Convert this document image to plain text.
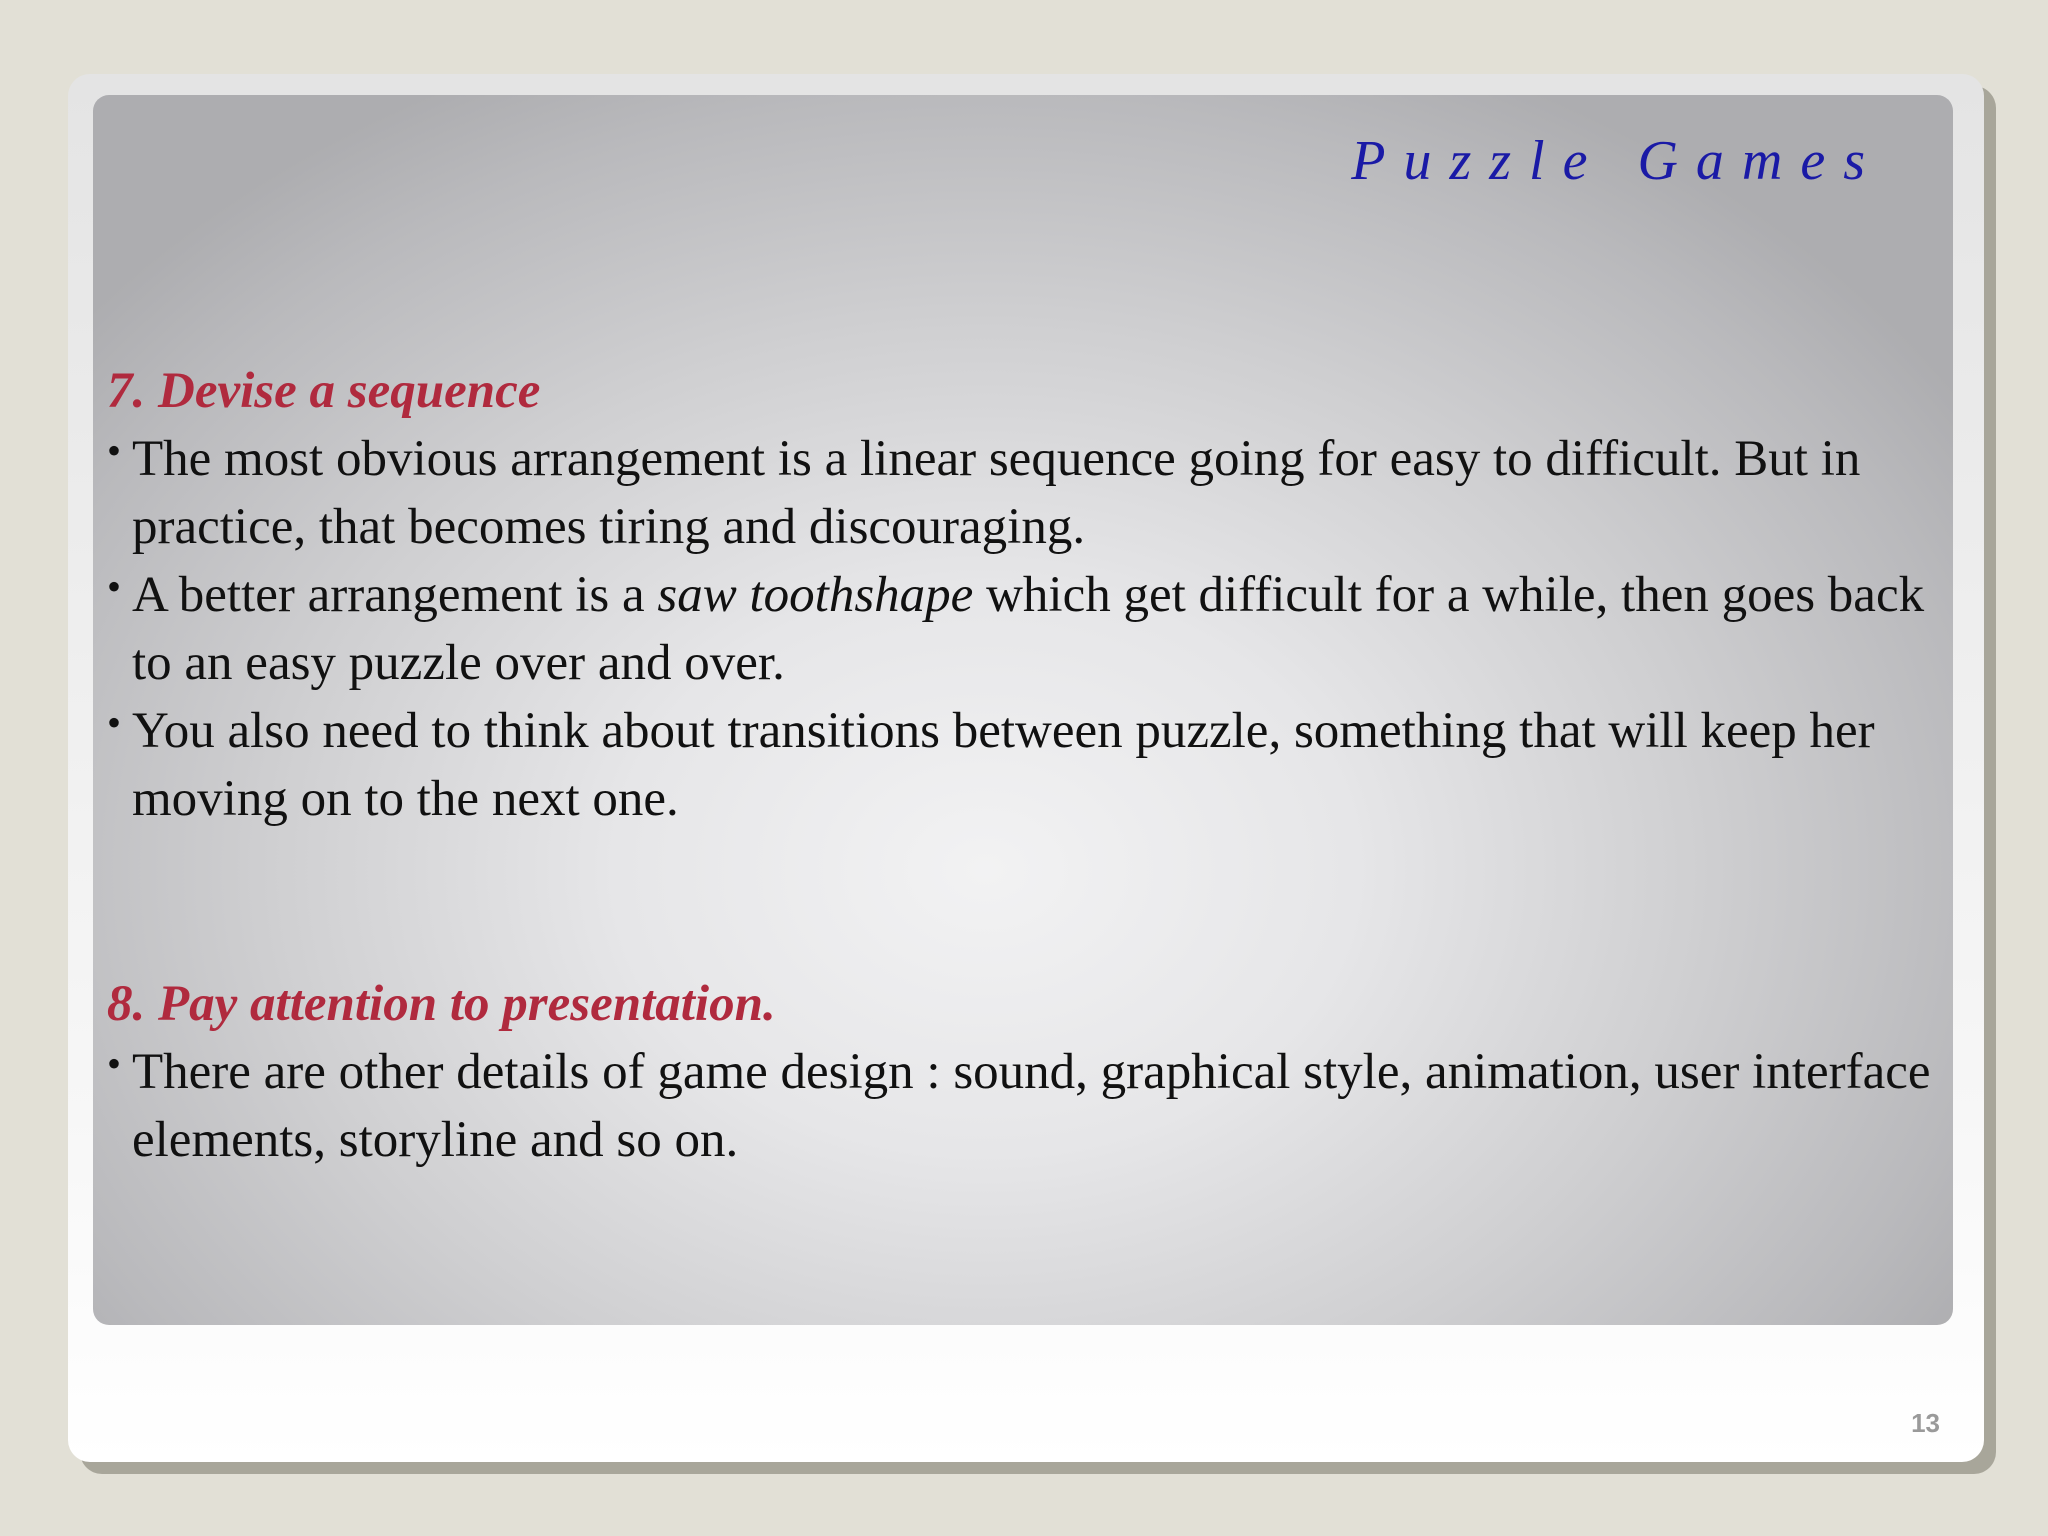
Puzzle Games
7. Devise a sequence
• The most obvious arrangement is a linear sequence going for easy to difficult. But in practice, that becomes tiring and discouraging.
• A better arrangement is a saw toothshape which get difficult for a while, then goes back to an easy puzzle over and over.
• You also need to think about transitions between puzzle, something that will keep her moving on to the next one.
8. Pay attention to presentation.
• There are other details of game design : sound, graphical style, animation, user interface elements, storyline and so on.
13
